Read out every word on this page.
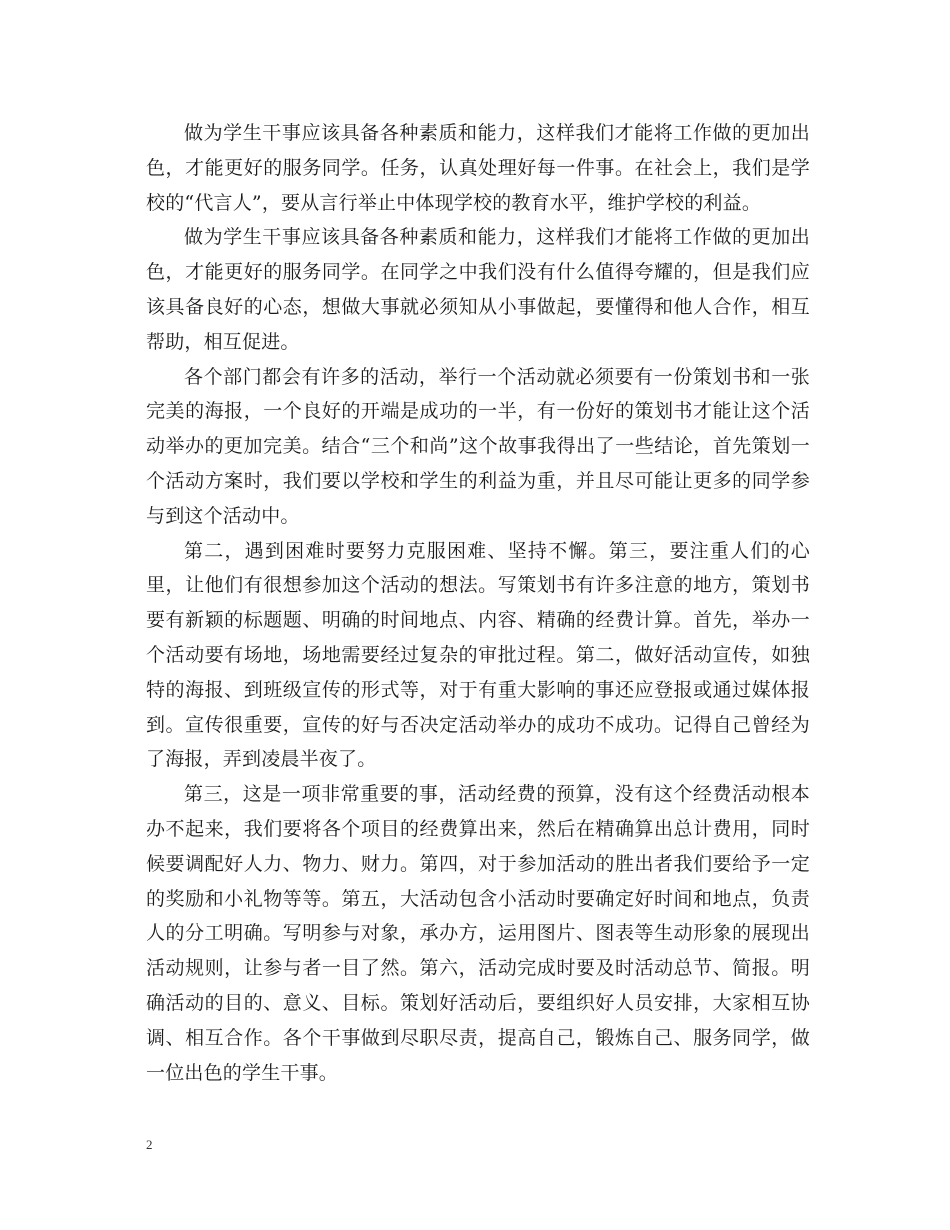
做为学生干事应该具备各种素质和能力，这样我们才能将工作做的更加出色，才能更好的服务同学。任务，认真处理好每一件事。在社会上，我们是学校的“代言人”，要从言行举止中体现学校的教育水平，维护学校的利益。

做为学生干事应该具备各种素质和能力，这样我们才能将工作做的更加出色，才能更好的服务同学。在同学之中我们没有什么值得夸耀的，但是我们应该具备良好的心态，想做大事就必须知从小事做起，要懂得和他人合作，相互帮助，相互促进。

各个部门都会有许多的活动，举行一个活动就必须要有一份策划书和一张完美的海报，一个良好的开端是成功的一半，有一份好的策划书才能让这个活动举办的更加完美。结合“三个和尚”这个故事我得出了一些结论，首先策划一个活动方案时，我们要以学校和学生的利益为重，并且尽可能让更多的同学参与到这个活动中。

第二，遇到困难时要努力克服困难、坚持不懈。第三，要注重人们的心里，让他们有很想参加这个活动的想法。写策划书有许多注意的地方，策划书要有新颖的标题题、明确的时间地点、内容、精确的经费计算。首先，举办一个活动要有场地，场地需要经过复杂的审批过程。第二，做好活动宣传，如独特的海报、到班级宣传的形式等，对于有重大影响的事还应登报或通过媒体报到。宣传很重要，宣传的好与否决定活动举办的成功不成功。记得自己曾经为了海报，弄到凌晨半夜了。

第三，这是一项非常重要的事，活动经费的预算，没有这个经费活动根本办不起来，我们要将各个项目的经费算出来，然后在精确算出总计费用，同时候要调配好人力、物力、财力。第四，对于参加活动的胜出者我们要给予一定的奖励和小礼物等等。第五，大活动包含小活动时要确定好时间和地点，负责人的分工明确。写明参与对象，承办方，运用图片、图表等生动形象的展现出活动规则，让参与者一目了然。第六，活动完成时要及时活动总节、简报。明确活动的目的、意义、目标。策划好活动后，要组织好人员安排，大家相互协调、相互合作。各个干事做到尽职尽责，提高自己，锻炼自己、服务同学，做一位出色的学生干事。

2
